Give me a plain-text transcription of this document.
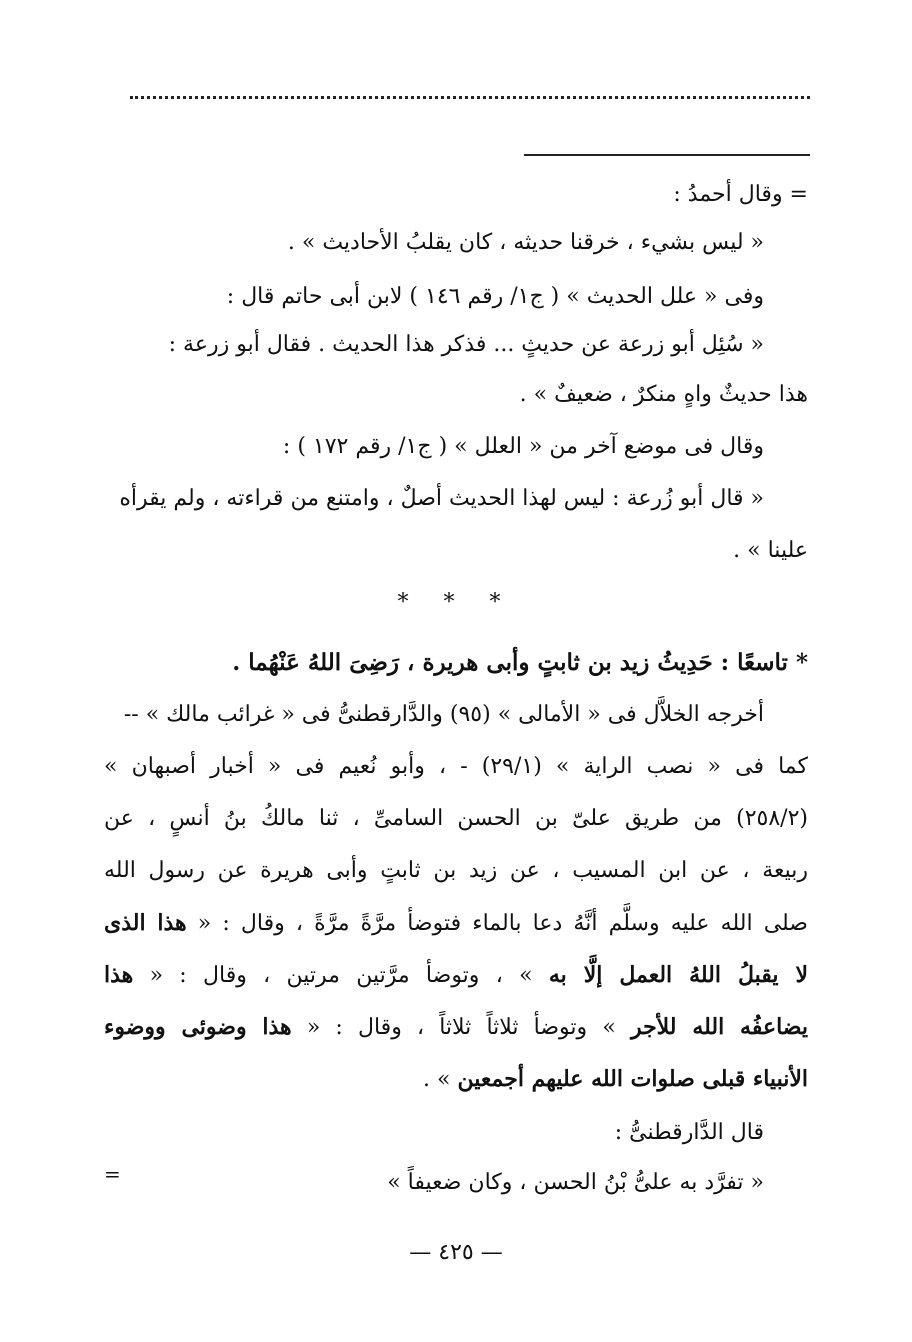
= وقال أحمدُ :
« ليس بشيء ، خرقنا حديثه ، كان يقلبُ الأحاديث » .
وفى « علل الحديث » ( ج١/ رقم ١٤٦ ) لابن أبى حاتم قال :
« سُئِل أبو زرعة عن حديثٍ ... فذكر هذا الحديث . فقال أبو زرعة :
هذا حديثٌ واهٍ منكرٌ ، ضعيفٌ » .
وقال فى موضع آخر من « العلل » ( ج١/ رقم ١٧٢ ) :
« قال أبو زُرعة : ليس لهذا الحديث أصلٌ ، وامتنع من قراءته ، ولم يقرأه
علينا » .
* * *
* تاسعًا : حَدِيثُ زيد بن ثابتٍ وأبى هريرة ، رَضِىَ اللهُ عَنْهُما .
أخرجه الخلاَّل فى « الأمالى » (٩٥) والدَّارقطنىُّ فى « غرائب مالك » --
كما فى « نصب الراية » (٢٩/١) - ، وأبو نُعيم فى « أخبار أصبهان »
(٢٥٨/٢) من طريق علىّ بن الحسن السامىِّ ، ثنا مالكُ بنُ أنسٍ ، عن
ربيعة ، عن ابن المسيب ، عن زيد بن ثابتٍ وأبى هريرة عن رسول الله
صلى الله عليه وسلَّم أنَّهُ دعا بالماء فتوضأ مرَّةً مرَّةً ، وقال : « هذا الذى
لا يقبلُ اللهُ العمل إلَّا به » ، وتوضأ مرَّتين مرتين ، وقال : « هذا
يضاعفُه الله للأجر » وتوضأ ثلاثاً ثلاثاً ، وقال : « هذا وضوئى ووضوء
الأنبياء قبلى صلوات الله عليهم أجمعين » .
قال الدَّارقطنىُّ :
« تفرَّد به علىُّ بْنُ الحسن ، وكان ضعيفاً »
=
— ٤٢٥ —
